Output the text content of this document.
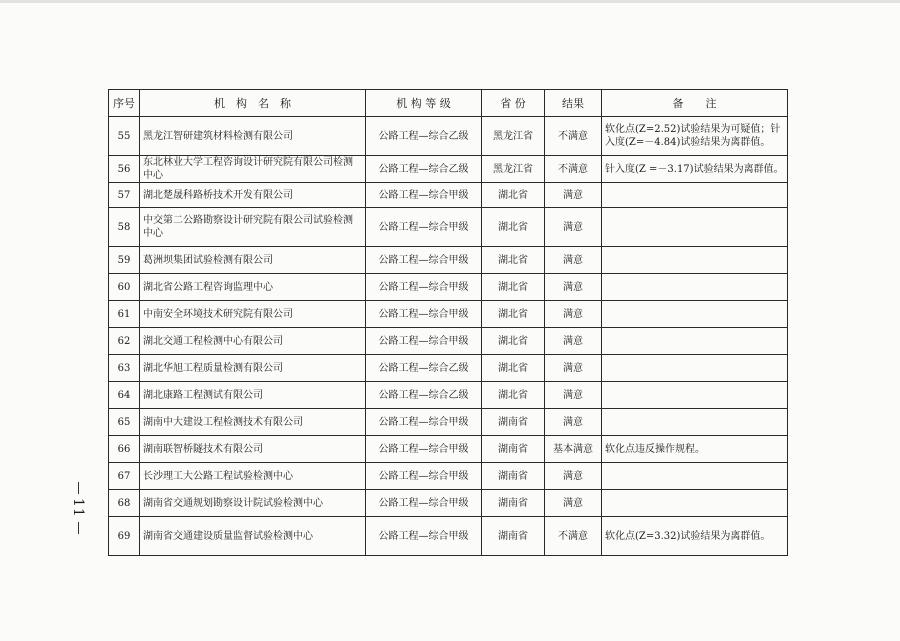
序号	机　构　名　称	机 构 等 级	省 份	结果	备　　注
55	黑龙江智研建筑材料检测有限公司	公路工程—综合乙级	黑龙江省	不满意	软化点(Z=2.52)试验结果为可疑值；针入度(Z=－4.84)试验结果为离群值。
56	东北林业大学工程咨询设计研究院有限公司检测中心	公路工程—综合乙级	黑龙江省	不满意	针入度(Z =－3.17)试验结果为离群值。
57	湖北楚晟科路桥技术开发有限公司	公路工程—综合甲级	湖北省	满意	
58	中交第二公路勘察设计研究院有限公司试验检测中心	公路工程—综合甲级	湖北省	满意	
59	葛洲坝集团试验检测有限公司	公路工程—综合甲级	湖北省	满意	
60	湖北省公路工程咨询监理中心	公路工程—综合甲级	湖北省	满意	
61	中南安全环境技术研究院有限公司	公路工程—综合甲级	湖北省	满意	
62	湖北交通工程检测中心有限公司	公路工程—综合甲级	湖北省	满意	
63	湖北华旭工程质量检测有限公司	公路工程—综合乙级	湖北省	满意	
64	湖北康路工程测试有限公司	公路工程—综合乙级	湖北省	满意	
65	湖南中大建设工程检测技术有限公司	公路工程—综合甲级	湖南省	满意	
66	湖南联智桥隧技术有限公司	公路工程—综合甲级	湖南省	基本满意	软化点违反操作规程。
67	长沙理工大公路工程试验检测中心	公路工程—综合甲级	湖南省	满意	
68	湖南省交通规划勘察设计院试验检测中心	公路工程—综合甲级	湖南省	满意	
69	湖南省交通建设质量监督试验检测中心	公路工程—综合甲级	湖南省	不满意	软化点(Z=3.32)试验结果为离群值。
11
